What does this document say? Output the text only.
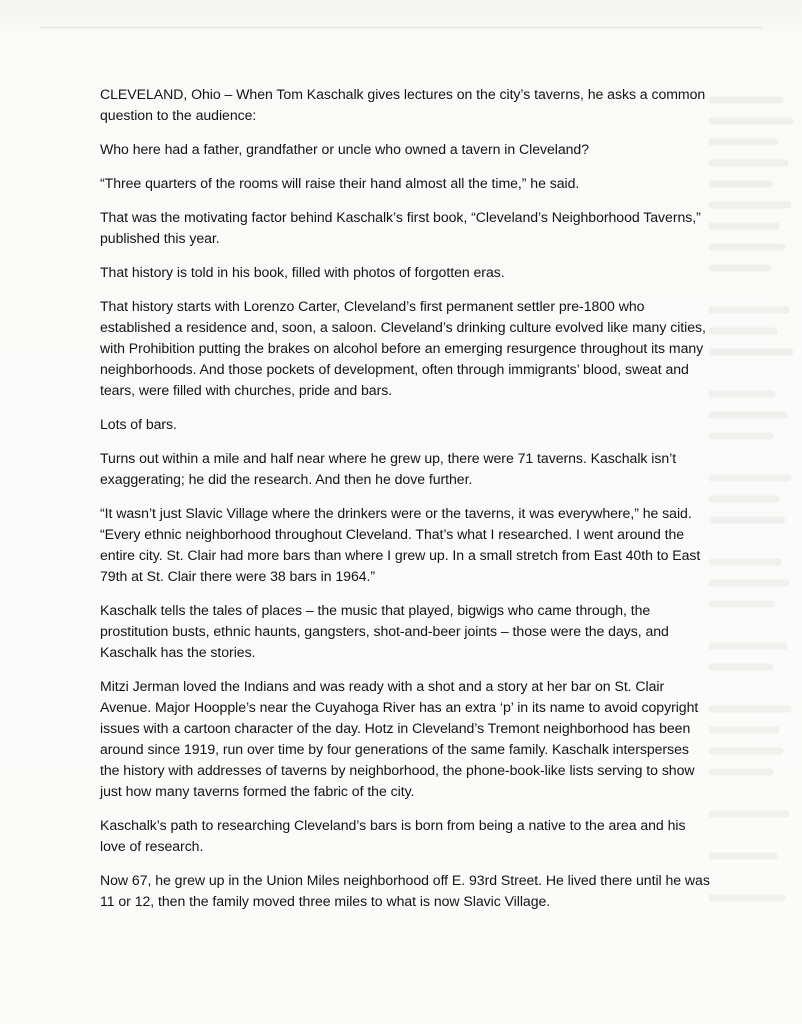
CLEVELAND, Ohio – When Tom Kaschalk gives lectures on the city’s taverns, he asks a common question to the audience:

Who here had a father, grandfather or uncle who owned a tavern in Cleveland?

“Three quarters of the rooms will raise their hand almost all the time,” he said.

That was the motivating factor behind Kaschalk’s first book, “Cleveland’s Neighborhood Taverns,” published this year.

That history is told in his book, filled with photos of forgotten eras.

That history starts with Lorenzo Carter, Cleveland’s first permanent settler pre-1800 who established a residence and, soon, a saloon. Cleveland’s drinking culture evolved like many cities, with Prohibition putting the brakes on alcohol before an emerging resurgence throughout its many neighborhoods. And those pockets of development, often through immigrants’ blood, sweat and tears, were filled with churches, pride and bars.

Lots of bars.

Turns out within a mile and half near where he grew up, there were 71 taverns. Kaschalk isn’t exaggerating; he did the research. And then he dove further.

“It wasn’t just Slavic Village where the drinkers were or the taverns, it was everywhere,” he said. “Every ethnic neighborhood throughout Cleveland. That’s what I researched. I went around the entire city. St. Clair had more bars than where I grew up. In a small stretch from East 40th to East 79th at St. Clair there were 38 bars in 1964.”

Kaschalk tells the tales of places – the music that played, bigwigs who came through, the prostitution busts, ethnic haunts, gangsters, shot-and-beer joints – those were the days, and Kaschalk has the stories.

Mitzi Jerman loved the Indians and was ready with a shot and a story at her bar on St. Clair Avenue. Major Hoopple’s near the Cuyahoga River has an extra ‘p’ in its name to avoid copyright issues with a cartoon character of the day. Hotz in Cleveland’s Tremont neighborhood has been around since 1919, run over time by four generations of the same family. Kaschalk intersperses the history with addresses of taverns by neighborhood, the phone-book-like lists serving to show just how many taverns formed the fabric of the city.

Kaschalk’s path to researching Cleveland’s bars is born from being a native to the area and his love of research.

Now 67, he grew up in the Union Miles neighborhood off E. 93rd Street. He lived there until he was 11 or 12, then the family moved three miles to what is now Slavic Village.
